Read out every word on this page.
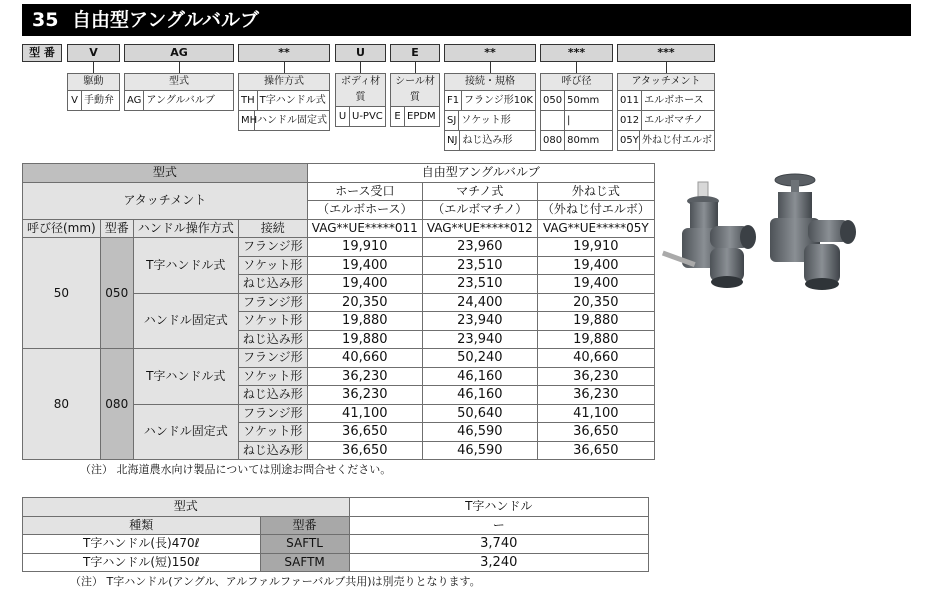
35 自由型アングルバルブ
型 番	V	AG	**	U	E	**	***	***
駆動
V 手動弁
型式
AG アングルバルブ
操作方式
TH T字ハンドル式
MH ハンドル固定式
ボディ材質
U U-PVC
シール材質
E EPDM
接続・規格
F1 フランジ形10K
SJ ソケット形
NJ ねじ込み形
呼び径
050 50mm
|
080 80mm
アタッチメント
011 エルボホース
012 エルボマチノ
05Y 外ねじ付エルボ
型式				自由型アングルバルブ		
アタッチメント				ホース受口	マチノ式	外ねじ式
				（エルボホース）	（エルボマチノ）	（外ねじ付エルボ）
呼び径(mm)	型番	ハンドル操作方式	接続	VAG**UE*****011	VAG**UE*****012	VAG**UE*****05Y
50	050	T字ハンドル式	フランジ形	19,910	23,960	19,910
			ソケット形	19,400	23,510	19,400
			ねじ込み形	19,400	23,510	19,400
		ハンドル固定式	フランジ形	20,350	24,400	20,350
			ソケット形	19,880	23,940	19,880
			ねじ込み形	19,880	23,940	19,880
80	080	T字ハンドル式	フランジ形	40,660	50,240	40,660
			ソケット形	36,230	46,160	36,230
			ねじ込み形	36,230	46,160	36,230
		ハンドル固定式	フランジ形	41,100	50,640	41,100
			ソケット形	36,650	46,590	36,650
			ねじ込み形	36,650	46,590	36,650
（注） 北海道農水向け製品については別途お問合せください。
型式		T字ハンドル
種類	型番	ー
T字ハンドル(長)470ℓ	SAFTL	3,740
T字ハンドル(短)150ℓ	SAFTM	3,240
（注） T字ハンドル(アングル、アルファルファーバルブ共用)は別売りとなります。
